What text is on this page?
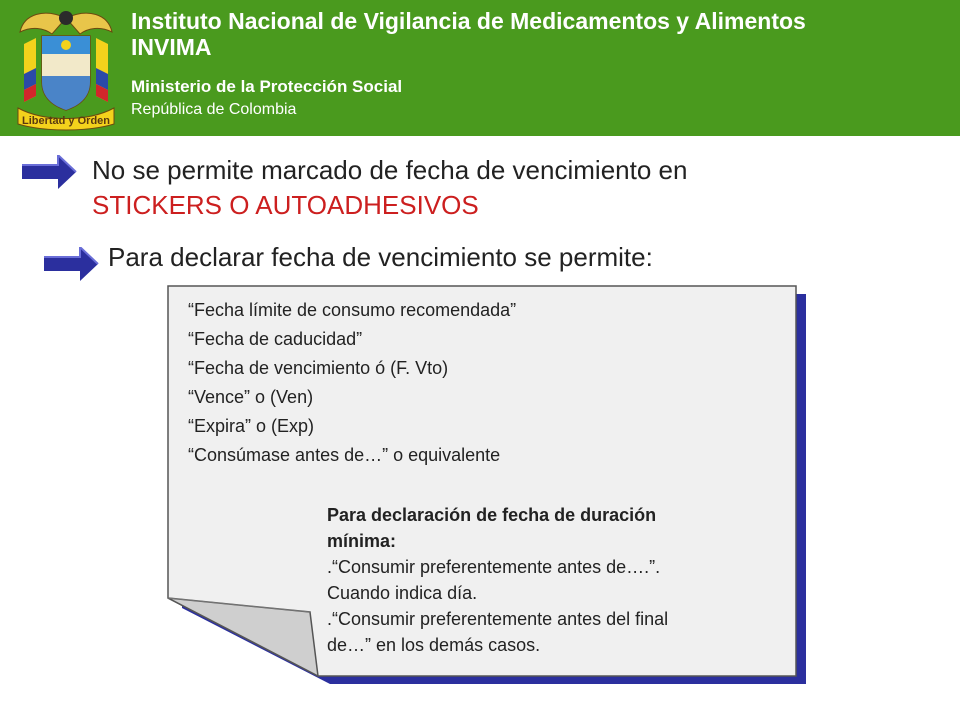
Libertad y Orden
Instituto Nacional de Vigilancia de Medicamentos y Alimentos
INVIMA
Ministerio de la Protección Social
República de Colombia
No se permite marcado de fecha de vencimiento en
STICKERS O AUTOADHESIVOS
Para declarar fecha de vencimiento se permite:
“Fecha límite de consumo recomendada”
“Fecha de caducidad”
“Fecha de vencimiento ó (F. Vto)
“Vence” o (Ven)
“Expira” o (Exp)
“Consúmase antes de…” o equivalente
Para declaración de fecha de duración
mínima:
.“Consumir preferentemente antes de….”.
Cuando indica día.
.“Consumir preferentemente antes del final
de…” en los demás casos.
